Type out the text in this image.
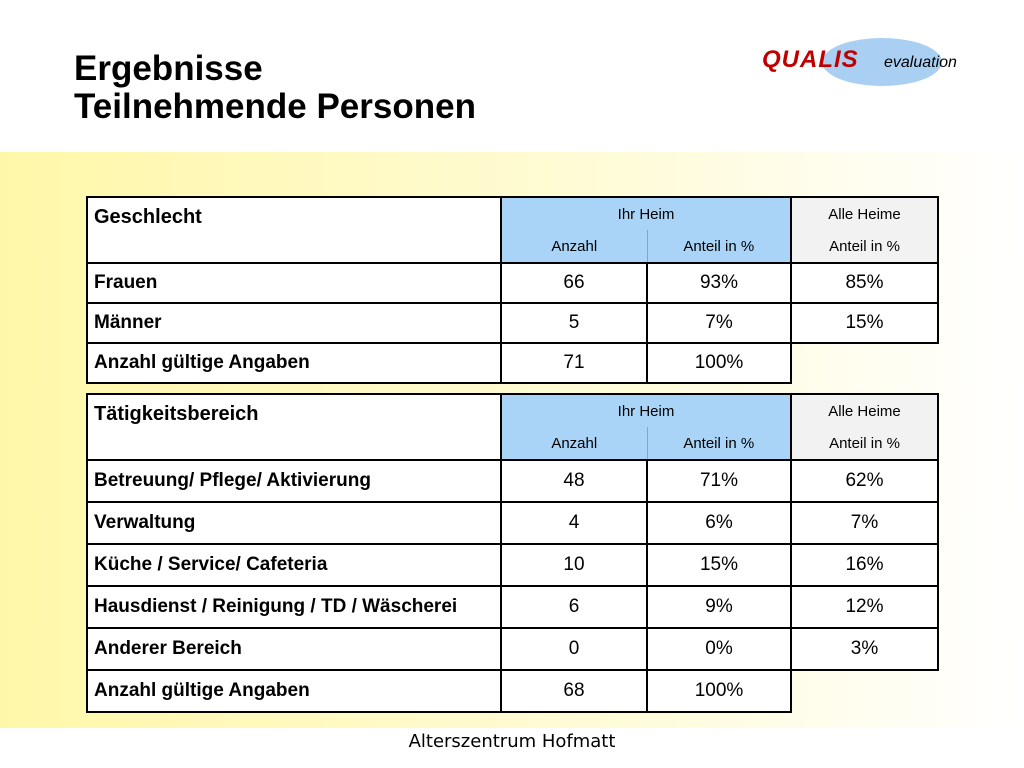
Ergebnisse
Teilnehmende Personen
QUALIS evaluation
Geschlecht	Ihr Heim		Alle Heime
	Anzahl	Anteil in %	Anteil in %
Frauen	66	93%	85%
Männer	5	7%	15%
Anzahl gültige Angaben	71	100%	
Tätigkeitsbereich	Ihr Heim		Alle Heime
	Anzahl	Anteil in %	Anteil in %
Betreuung/ Pflege/ Aktivierung	48	71%	62%
Verwaltung	4	6%	7%
Küche / Service/ Cafeteria	10	15%	16%
Hausdienst / Reinigung / TD / Wäscherei	6	9%	12%
Anderer Bereich	0	0%	3%
Anzahl gültige Angaben	68	100%	
Alterszentrum Hofmatt
